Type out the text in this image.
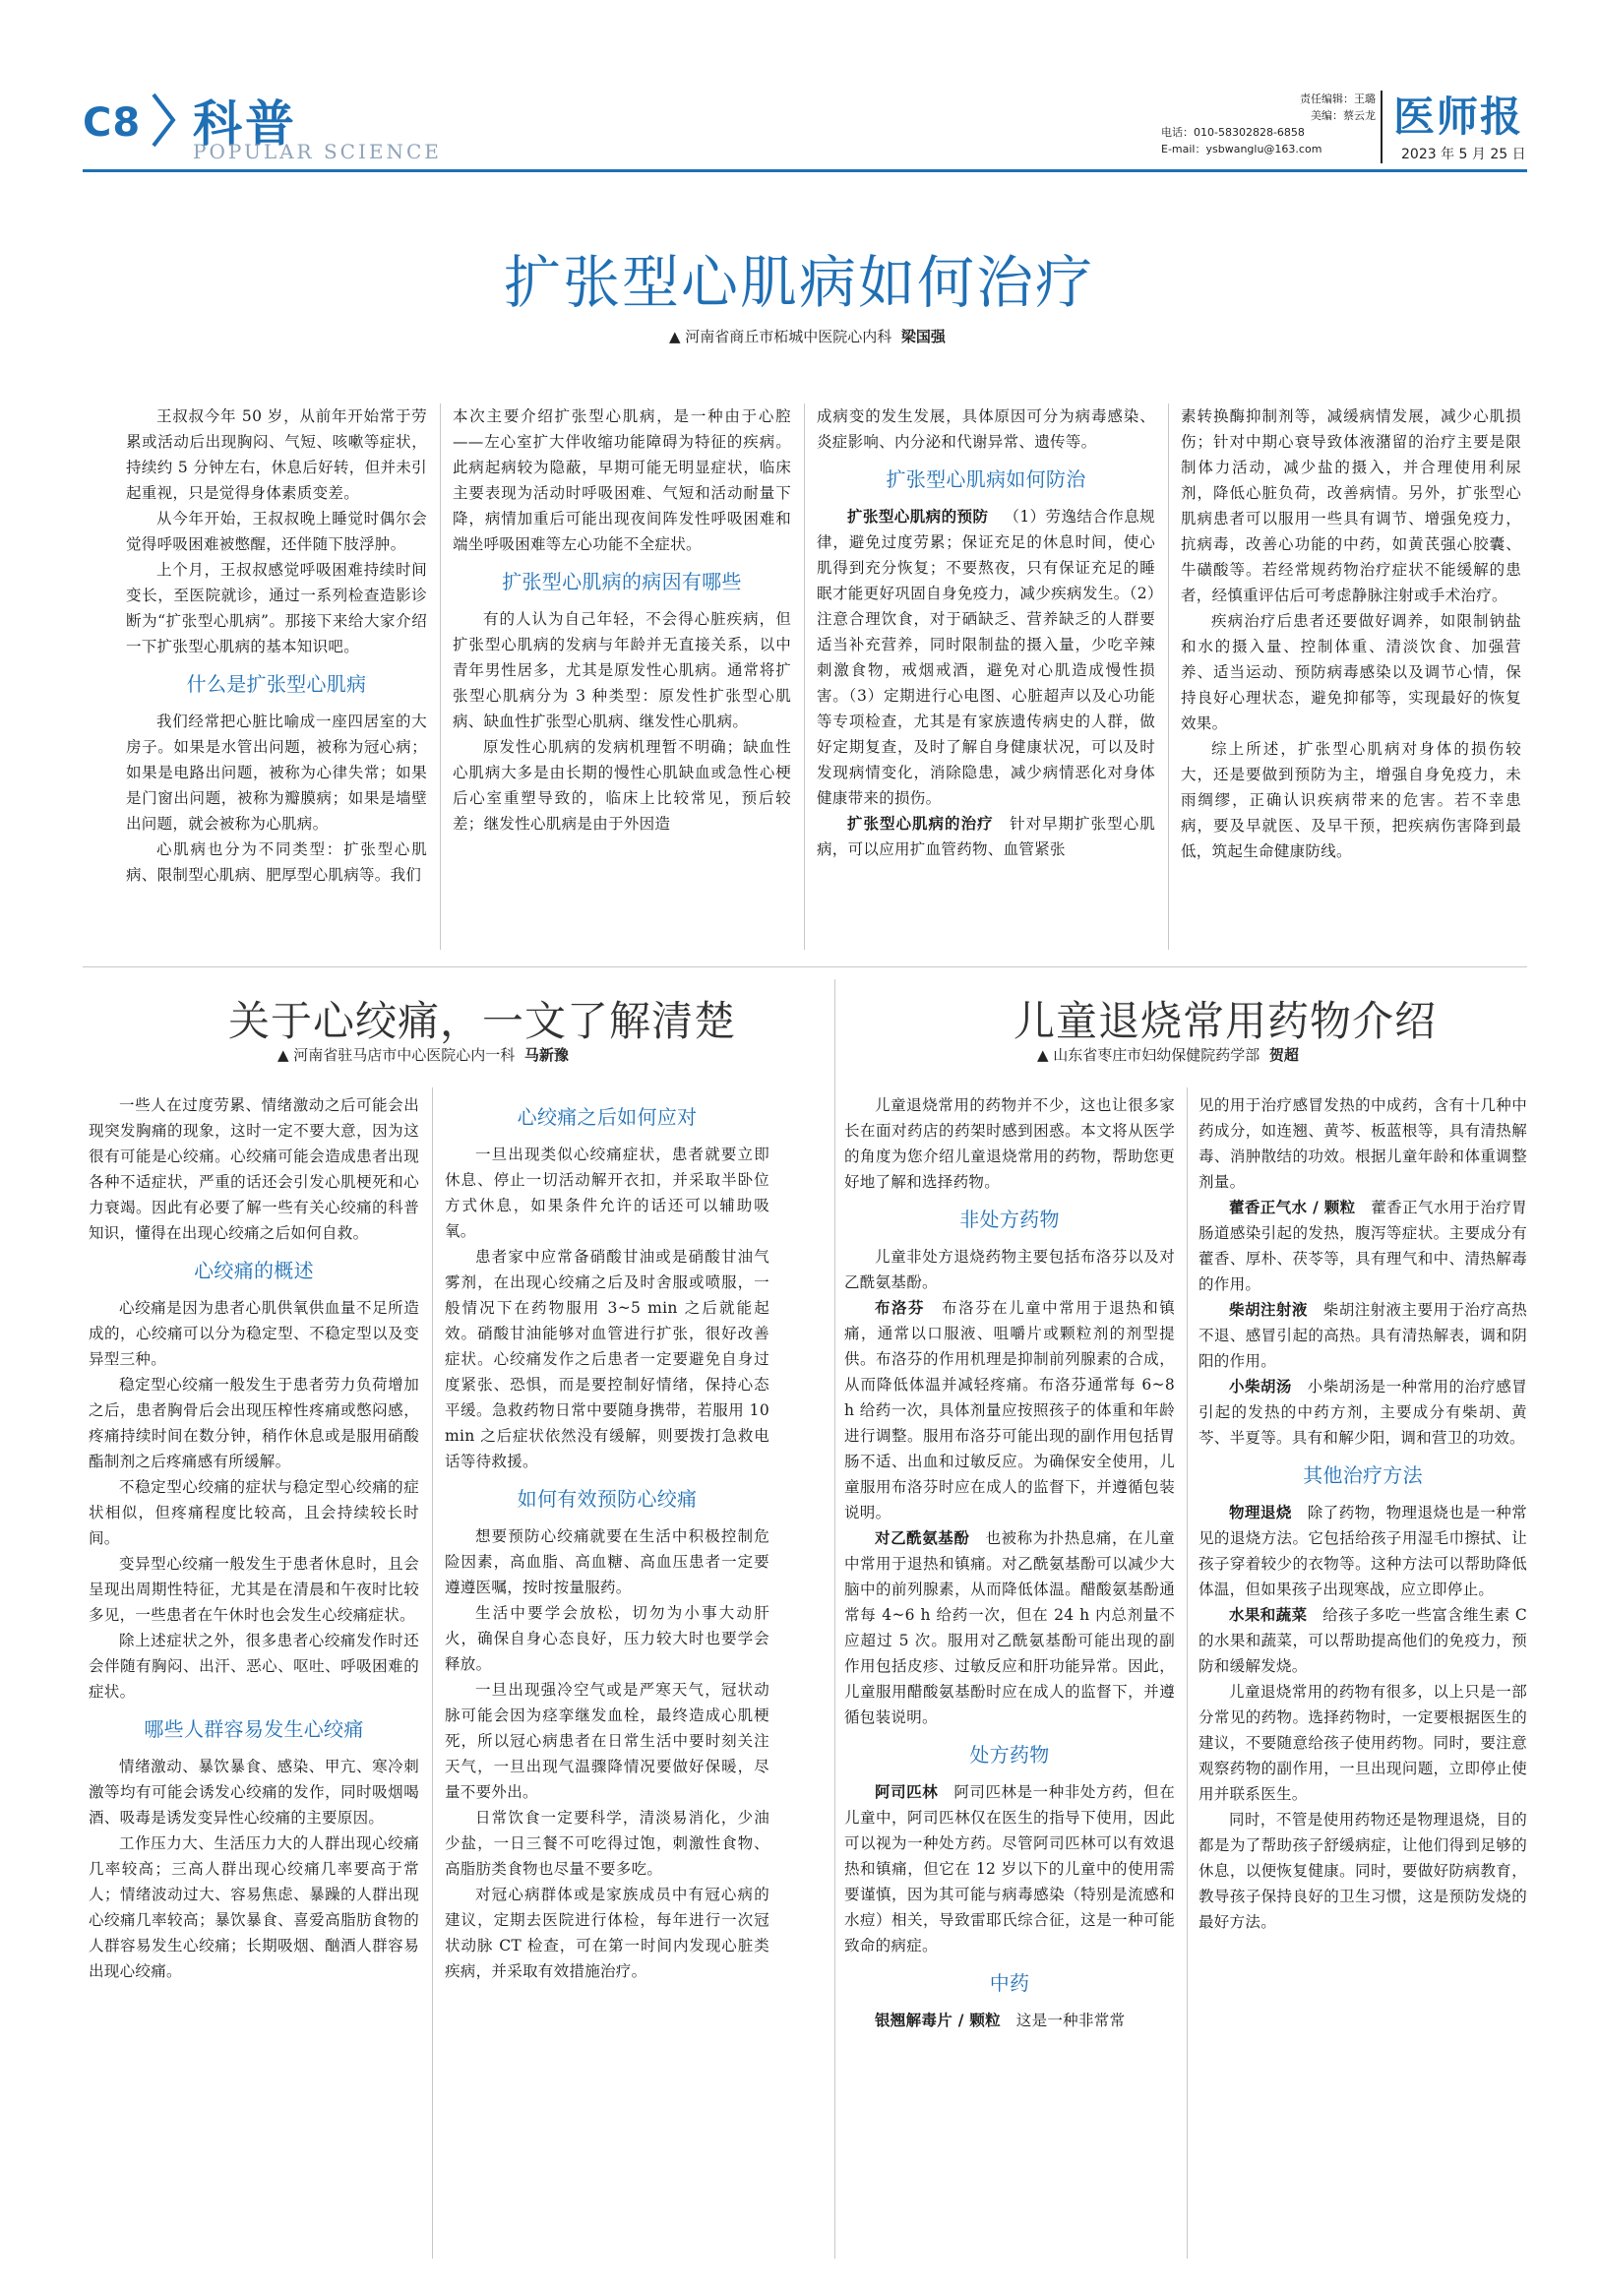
C8 科普
POPULAR SCIENCE
责任编辑：王璐
美编：蔡云龙
电话：010-58302828-6858
E-mail：ysbwanglu@163.com
医师报
2023 年 5 月 25 日
扩张型心肌病如何治疗
▲ 河南省商丘市柘城中医院心内科 梁国强

王叔叔今年 50 岁，从前年开始常于劳累或活动后出现胸闷、气短、咳嗽等症状，持续约 5 分钟左右，休息后好转，但并未引起重视，只是觉得身体素质变差。

从今年开始，王叔叔晚上睡觉时偶尔会觉得呼吸困难被憋醒，还伴随下肢浮肿。

上个月，王叔叔感觉呼吸困难持续时间变长，至医院就诊，通过一系列检查造影诊断为“扩张型心肌病”。那接下来给大家介绍一下扩张型心肌病的基本知识吧。

什么是扩张型心肌病

我们经常把心脏比喻成一座四居室的大房子。如果是水管出问题，被称为冠心病；如果是电路出问题，被称为心律失常；如果是门窗出问题，被称为瓣膜病；如果是墙壁出问题，就会被称为心肌病。

心肌病也分为不同类型：扩张型心肌病、限制型心肌病、肥厚型心肌病等。我们

本次主要介绍扩张型心肌病，是一种由于心腔——左心室扩大伴收缩功能障碍为特征的疾病。此病起病较为隐蔽，早期可能无明显症状，临床主要表现为活动时呼吸困难、气短和活动耐量下降，病情加重后可能出现夜间阵发性呼吸困难和端坐呼吸困难等左心功能不全症状。

扩张型心肌病的病因有哪些

有的人认为自己年轻，不会得心脏疾病，但扩张型心肌病的发病与年龄并无直接关系，以中青年男性居多，尤其是原发性心肌病。通常将扩张型心肌病分为 3 种类型：原发性扩张型心肌病、缺血性扩张型心肌病、继发性心肌病。

原发性心肌病的发病机理暂不明确；缺血性心肌病大多是由长期的慢性心肌缺血或急性心梗后心室重塑导致的，临床上比较常见，预后较差；继发性心肌病是由于外因造

成病变的发生发展，具体原因可分为病毒感染、炎症影响、内分泌和代谢异常、遗传等。

扩张型心肌病如何防治

扩张型心肌病的预防  （1）劳逸结合作息规律，避免过度劳累；保证充足的休息时间，使心肌得到充分恢复；不要熬夜，只有保证充足的睡眠才能更好巩固自身免疫力，减少疾病发生。（2）注意合理饮食，对于硒缺乏、营养缺乏的人群要适当补充营养，同时限制盐的摄入量，少吃辛辣刺激食物，戒烟戒酒，避免对心肌造成慢性损害。（3）定期进行心电图、心脏超声以及心功能等专项检查，尤其是有家族遗传病史的人群，做好定期复查，及时了解自身健康状况，可以及时发现病情变化，消除隐患，减少病情恶化对身体健康带来的损伤。

扩张型心肌病的治疗  针对早期扩张型心肌病，可以应用扩血管药物、血管紧张

素转换酶抑制剂等，减缓病情发展，减少心肌损伤；针对中期心衰导致体液潴留的治疗主要是限制体力活动，减少盐的摄入，并合理使用利尿剂，降低心脏负荷，改善病情。另外，扩张型心肌病患者可以服用一些具有调节、增强免疫力，抗病毒，改善心功能的中药，如黄芪强心胶囊、牛磺酸等。若经常规药物治疗症状不能缓解的患者，经慎重评估后可考虑静脉注射或手术治疗。

疾病治疗后患者还要做好调养，如限制钠盐和水的摄入量、控制体重、清淡饮食、加强营养、适当运动、预防病毒感染以及调节心情，保持良好心理状态，避免抑郁等，实现最好的恢复效果。

综上所述，扩张型心肌病对身体的损伤较大，还是要做到预防为主，增强自身免疫力，未雨绸缪，正确认识疾病带来的危害。若不幸患病，要及早就医、及早干预，把疾病伤害降到最低，筑起生命健康防线。

关于心绞痛，一文了解清楚
▲ 河南省驻马店市中心医院心内一科 马新豫

一些人在过度劳累、情绪激动之后可能会出现突发胸痛的现象，这时一定不要大意，因为这很有可能是心绞痛。心绞痛可能会造成患者出现各种不适症状，严重的话还会引发心肌梗死和心力衰竭。因此有必要了解一些有关心绞痛的科普知识，懂得在出现心绞痛之后如何自救。

心绞痛的概述

心绞痛是因为患者心肌供氧供血量不足所造成的，心绞痛可以分为稳定型、不稳定型以及变异型三种。

稳定型心绞痛一般发生于患者劳力负荷增加之后，患者胸骨后会出现压榨性疼痛或憋闷感，疼痛持续时间在数分钟，稍作休息或是服用硝酸酯制剂之后疼痛感有所缓解。

不稳定型心绞痛的症状与稳定型心绞痛的症状相似，但疼痛程度比较高，且会持续较长时间。

变异型心绞痛一般发生于患者休息时，且会呈现出周期性特征，尤其是在清晨和午夜时比较多见，一些患者在午休时也会发生心绞痛症状。

除上述症状之外，很多患者心绞痛发作时还会伴随有胸闷、出汗、恶心、呕吐、呼吸困难的症状。

哪些人群容易发生心绞痛

情绪激动、暴饮暴食、感染、甲亢、寒冷刺激等均有可能会诱发心绞痛的发作，同时吸烟喝酒、吸毒是诱发变异性心绞痛的主要原因。

工作压力大、生活压力大的人群出现心绞痛几率较高；三高人群出现心绞痛几率要高于常人；情绪波动过大、容易焦虑、暴躁的人群出现心绞痛几率较高；暴饮暴食、喜爱高脂肪食物的人群容易发生心绞痛；长期吸烟、酗酒人群容易出现心绞痛。

心绞痛之后如何应对

一旦出现类似心绞痛症状，患者就要立即休息、停止一切活动解开衣扣，并采取半卧位方式休息，如果条件允许的话还可以辅助吸氧。

患者家中应常备硝酸甘油或是硝酸甘油气雾剂，在出现心绞痛之后及时舍服或喷服，一般情况下在药物服用 3~5 min 之后就能起效。硝酸甘油能够对血管进行扩张，很好改善症状。心绞痛发作之后患者一定要避免自身过度紧张、恐惧，而是要控制好情绪，保持心态平缓。急救药物日常中要随身携带，若服用 10 min 之后症状依然没有缓解，则要拨打急救电话等待救援。

如何有效预防心绞痛

想要预防心绞痛就要在生活中积极控制危险因素，高血脂、高血糖、高血压患者一定要遵遵医嘱，按时按量服药。

生活中要学会放松，切勿为小事大动肝火，确保自身心态良好，压力较大时也要学会释放。

一旦出现强冷空气或是严寒天气，冠状动脉可能会因为痉挛继发血栓，最终造成心肌梗死，所以冠心病患者在日常生活中要时刻关注天气，一旦出现气温骤降情况要做好保暖，尽量不要外出。

日常饮食一定要科学，清淡易消化，少油少盐，一日三餐不可吃得过饱，刺激性食物、高脂肪类食物也尽量不要多吃。

对冠心病群体或是家族成员中有冠心病的建议，定期去医院进行体检，每年进行一次冠状动脉 CT 检查，可在第一时间内发现心脏类疾病，并采取有效措施治疗。

儿童退烧常用药物介绍
▲ 山东省枣庄市妇幼保健院药学部 贺超

儿童退烧常用的药物并不少，这也让很多家长在面对药店的药架时感到困惑。本文将从医学的角度为您介绍儿童退烧常用的药物，帮助您更好地了解和选择药物。

非处方药物

儿童非处方退烧药物主要包括布洛芬以及对乙酰氨基酚。

布洛芬  布洛芬在儿童中常用于退热和镇痛，通常以口服液、咀嚼片或颗粒剂的剂型提供。布洛芬的作用机理是抑制前列腺素的合成，从而降低体温并减轻疼痛。布洛芬通常每 6~8 h 给药一次，具体剂量应按照孩子的体重和年龄进行调整。服用布洛芬可能出现的副作用包括胃肠不适、出血和过敏反应。为确保安全使用，儿童服用布洛芬时应在成人的监督下，并遵循包装说明。

对乙酰氨基酚  也被称为扑热息痛，在儿童中常用于退热和镇痛。对乙酰氨基酚可以减少大脑中的前列腺素，从而降低体温。醋酸氨基酚通常每 4~6 h 给药一次，但在 24 h 内总剂量不应超过 5 次。服用对乙酰氨基酚可能出现的副作用包括皮疹、过敏反应和肝功能异常。因此，儿童服用醋酸氨基酚时应在成人的监督下，并遵循包装说明。

处方药物

阿司匹林  阿司匹林是一种非处方药，但在儿童中，阿司匹林仅在医生的指导下使用，因此可以视为一种处方药。尽管阿司匹林可以有效退热和镇痛，但它在 12 岁以下的儿童中的使用需要谨慎，因为其可能与病毒感染（特别是流感和水痘）相关，导致雷耶氏综合征，这是一种可能致命的病症。

中药

银翘解毒片 / 颗粒  这是一种非常常

见的用于治疗感冒发热的中成药，含有十几种中药成分，如连翘、黄芩、板蓝根等，具有清热解毒、消肿散结的功效。根据儿童年龄和体重调整剂量。

藿香正气水 / 颗粒  藿香正气水用于治疗胃肠道感染引起的发热，腹泻等症状。主要成分有藿香、厚朴、茯苓等，具有理气和中、清热解毒的作用。

柴胡注射液  柴胡注射液主要用于治疗高热不退、感冒引起的高热。具有清热解表，调和阴阳的作用。

小柴胡汤  小柴胡汤是一种常用的治疗感冒引起的发热的中药方剂，主要成分有柴胡、黄芩、半夏等。具有和解少阳，调和营卫的功效。

其他治疗方法

物理退烧  除了药物，物理退烧也是一种常见的退烧方法。它包括给孩子用湿毛巾擦拭、让孩子穿着较少的衣物等。这种方法可以帮助降低体温，但如果孩子出现寒战，应立即停止。

水果和蔬菜  给孩子多吃一些富含维生素 C 的水果和蔬菜，可以帮助提高他们的免疫力，预防和缓解发烧。

儿童退烧常用的药物有很多，以上只是一部分常见的药物。选择药物时，一定要根据医生的建议，不要随意给孩子使用药物。同时，要注意观察药物的副作用，一旦出现问题，立即停止使用并联系医生。

同时，不管是使用药物还是物理退烧，目的都是为了帮助孩子舒缓病症，让他们得到足够的休息，以便恢复健康。同时，要做好防病教育，教导孩子保持良好的卫生习惯，这是预防发烧的最好方法。
